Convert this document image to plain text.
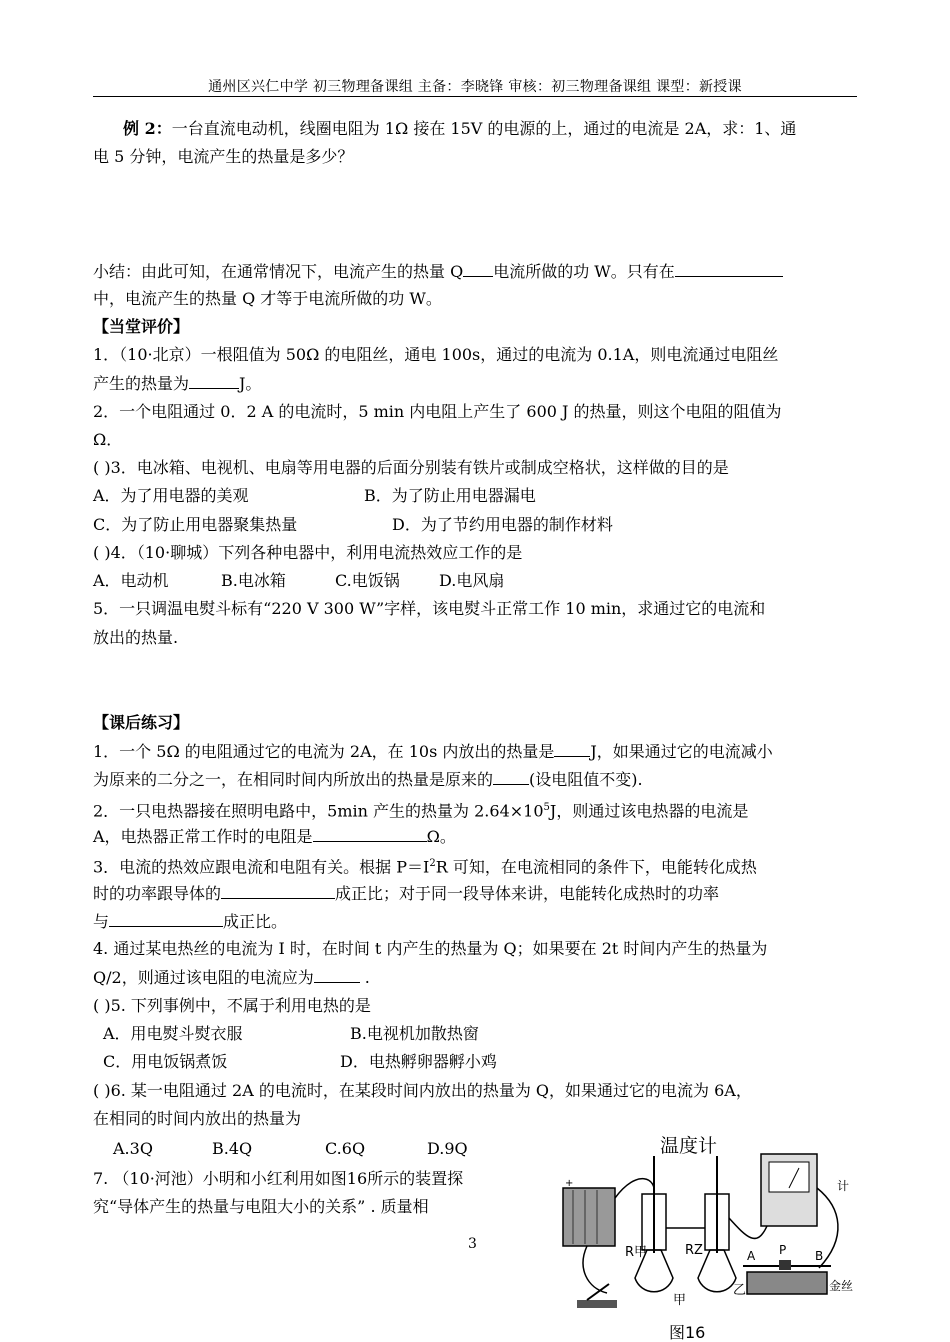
通州区兴仁中学 初三物理备课组 主备：李晓锋 审核：初三物理备课组 课型：新授课
例 2：一台直流电动机，线圈电阻为 1Ω 接在 15V 的电源的上，通过的电流是 2A，求：1、通
电 5 分钟，电流产生的热量是多少？
小结：由此可知，在通常情况下，电流产生的热量 Q 电流所做的功 W。只有在
中，电流产生的热量 Q 才等于电流所做的功 W。
【当堂评价】
1．（10·北京）一根阻值为 50Ω 的电阻丝，通电 100s，通过的电流为 0.1A，则电流通过电阻丝
产生的热量为	J。
2．一个电阻通过 0．2 A 的电流时，5 min 内电阻上产生了 600 J 的热量，则这个电阻的阻值为
Ω．
( )3．电冰箱、电视机、电扇等用电器的后面分别装有铁片或制成空格状，这样做的目的是
A．为了用电器的美观	B．为了防止用电器漏电
C．为了防止用电器聚集热量	D．为了节约用电器的制作材料
( )4．（10·聊城）下列各种电器中，利用电流热效应工作的是
A．电动机	B.电冰箱	C.电饭锅 D.电风扇
5．一只调温电熨斗标有“220 V 300 W”字样，该电熨斗正常工作 10 min，求通过它的电流和
放出的热量.
【课后练习】
1．一个 5Ω 的电阻通过它的电流为 2A，在 10s 内放出的热量是 J，如果通过它的电流减小
为原来的二分之一，在相同时间内所放出的热量是原来的 (设电阻值不变).
2．一只电热器接在照明电路中，5min 产生的热量为 $2.64\times 10^5J$，则通过该电热器的电流是
A，电热器正常工作时的电阻是	Ω。
3．电流的热效应跟电流和电阻有关。根据 $P=I^2R$ 可知，在电流相同的条件下，电能转化成热
时的功率跟导体的	成正比；对于同一段导体来讲，电能转化成热时的功率
与	成正比。
4. 通过某电热丝的电流为 I 时，在时间 t 内产生的热量为 Q；如果要在 2t 时间内产生的热量为
Q/2，则通过该电阻的电流应为	.
( )5. 下列事例中，不属于利用电热的是
A．用电熨斗熨衣服	B.电视机加散热窗
C．用电饭锅煮饭	D．电热孵卵器孵小鸡
( )6. 某一电阻通过 2A 的电流时，在某段时间内放出的热量为 Q，如果通过它的电流为 6A，
在相同的时间内放出的热量为
A.3Q	B.4Q	C.6Q	D.9Q
7. （10·河池）小明和小红利用如图16所示的装置探
究“导体产生的热量与电阻大小的关系” . 质量相
3
温度计
+
R甲	RZ
计
A P B
甲
乙	金丝
图16
